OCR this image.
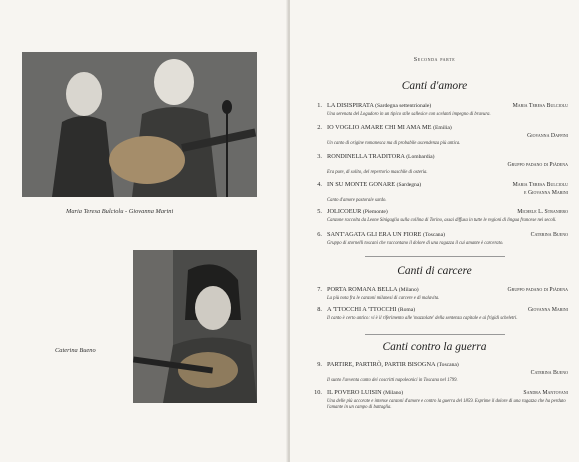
Maria Teresa Bulciolu - Giovanna Marini
Caterina Bueno
Seconda parte
Canti d'amore
1. LA DISISPIRATA (Sardegna settentrionale)	Maria Teresa Bulciolu
Una serenata del Logudoro in un tipico stile sallesice con scelanti impegno di bravura.
2. IO VOGLIO AMARE CHI MI AMA ME (Emilia)
Giovanna Daffini
Un canto di origine romanesca ma di probabile ascendenza più antica.
3. RONDINELLA TRADITORA (Lombardia)
Gruppo padano di Piàdena
Era pure, di solito, del repertorio maschile di osteria.
4. IN SU MONTE GONARE (Sardegna)	Maria Teresa Bulciolu
e Giovanna Marini
Canto d'amore pastorale sardo.
5. JOLICOEUR (Piemonte)	Michele L. Straniero
Canzone raccolta da Leone Sinigaglia sulla collina di Torino, assai diffusa in tutte le regioni di lingua francese nei secoli.
6. SANT'AGATA GLI ERA UN FIORE (Toscana)	Caterina Bueno
Gruppo di stornelli toscani che raccontano il dolore di una ragazza il cui amante è carcerato.
Canti di carcere
7. PORTA ROMANA BELLA (Milano)	Gruppo padano di Piàdena
La più nota fra le canzoni milanesi di carcere e di malavita.
8. A 'TTOCCHI A 'TTOCCHI (Roma)	Giovanna Marini
Il canto è certo antico: vi è il riferimento alle 'mazzolate' della sentenza capitale e ai frigidi scheletri.
Canti contro la guerra
9. PARTIRE, PARTIRÒ, PARTIR BISOGNA (Toscana)
Caterina Bueno
Il sunto l'avventa canto dei coscritti napoleonici in Toscana nel 1799.
10. IL POVERO LUISIN (Milano)	Sandra Mantovani
Una delle più accorate e intense canzoni d'amore e contro la guerra del 1859. Esprime il dolore di una ragazza che ha perduto l'amante in un campo di battaglia.
